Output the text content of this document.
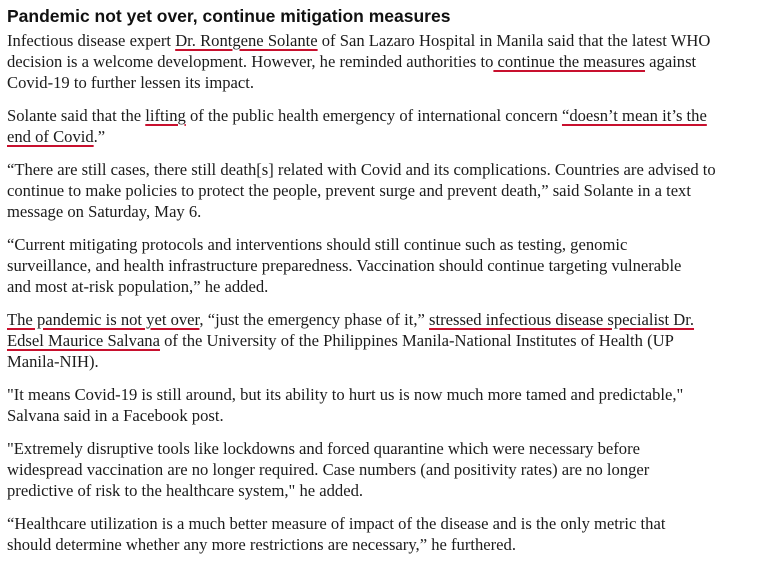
Pandemic not yet over, continue mitigation measures
Infectious disease expert Dr. Rontgene Solante of San Lazaro Hospital in Manila said that the latest WHO
decision is a welcome development. However, he reminded authorities to continue the measures against
Covid-19 to further lessen its impact.
Solante said that the lifting of the public health emergency of international concern “doesn’t mean it’s the
end of Covid.”
“There are still cases, there still death[s] related with Covid and its complications. Countries are advised to
continue to make policies to protect the people, prevent surge and prevent death,” said Solante in a text
message on Saturday, May 6.
“Current mitigating protocols and interventions should still continue such as testing, genomic
surveillance, and health infrastructure preparedness. Vaccination should continue targeting vulnerable
and most at-risk population,” he added.
The pandemic is not yet over, “just the emergency phase of it,” stressed infectious disease specialist Dr.
Edsel Maurice Salvana of the University of the Philippines Manila-National Institutes of Health (UP
Manila-NIH).
"It means Covid-19 is still around, but its ability to hurt us is now much more tamed and predictable,"
Salvana said in a Facebook post.
"Extremely disruptive tools like lockdowns and forced quarantine which were necessary before
widespread vaccination are no longer required. Case numbers (and positivity rates) are no longer
predictive of risk to the healthcare system," he added.
“Healthcare utilization is a much better measure of impact of the disease and is the only metric that
should determine whether any more restrictions are necessary,” he furthered.
